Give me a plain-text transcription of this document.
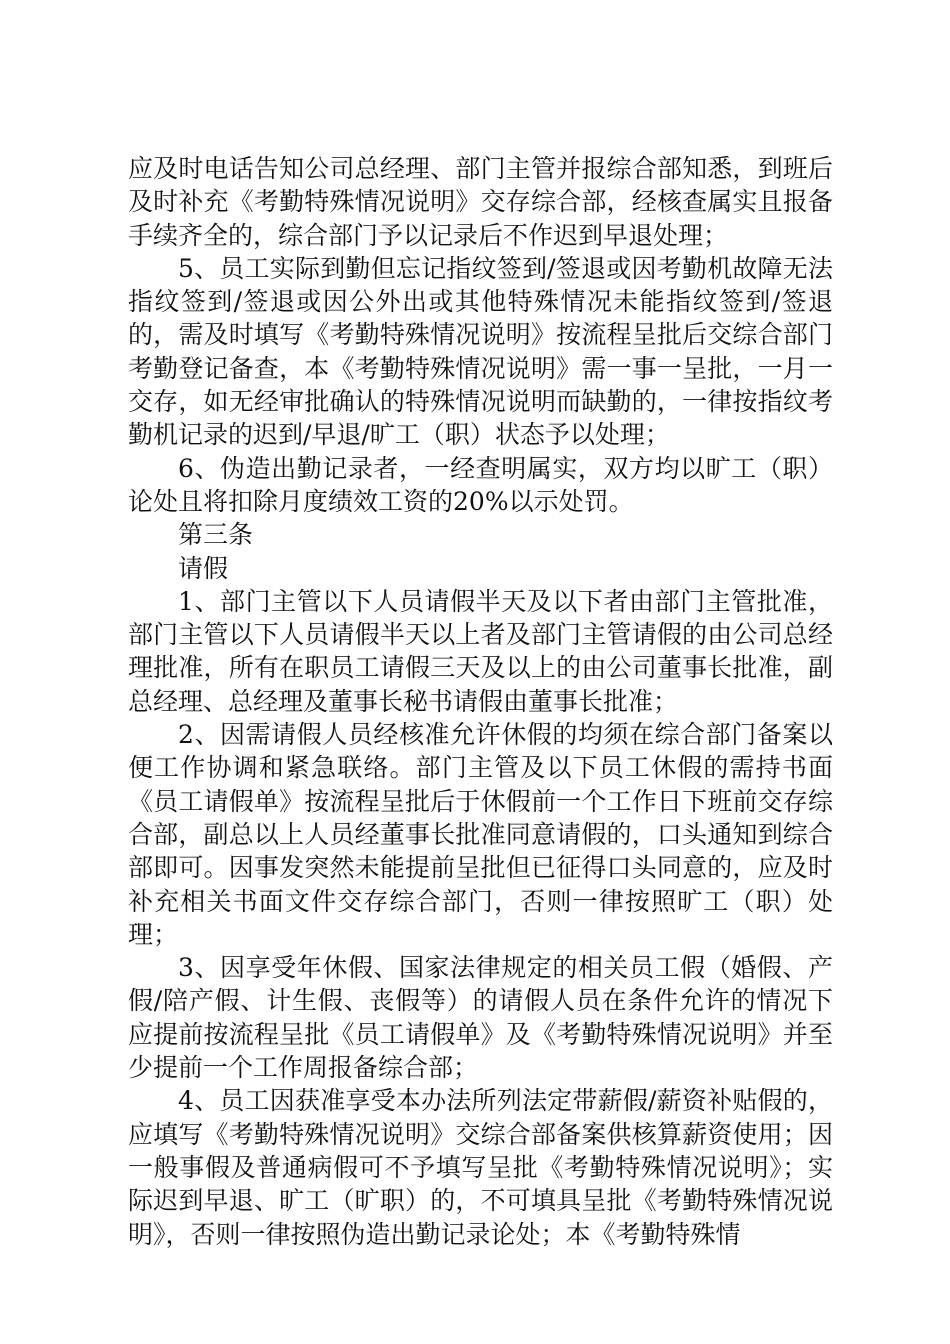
应及时电话告知公司总经理、部门主管并报综合部知悉，到班后及时补充《考勤特殊情况说明》交存综合部，经核查属实且报备手续齐全的，综合部门予以记录后不作迟到早退处理；

5、员工实际到勤但忘记指纹签到/签退或因考勤机故障无法指纹签到/签退或因公外出或其他特殊情况未能指纹签到/签退的，需及时填写《考勤特殊情况说明》按流程呈批后交综合部门考勤登记备查，本《考勤特殊情况说明》需一事一呈批，一月一交存，如无经审批确认的特殊情况说明而缺勤的，一律按指纹考勤机记录的迟到/早退/旷工（职）状态予以处理；

6、伪造出勤记录者，一经查明属实，双方均以旷工（职）论处且将扣除月度绩效工资的20%以示处罚。

第三条

请假

1、部门主管以下人员请假半天及以下者由部门主管批准，部门主管以下人员请假半天以上者及部门主管请假的由公司总经理批准，所有在职员工请假三天及以上的由公司董事长批准，副总经理、总经理及董事长秘书请假由董事长批准；

2、因需请假人员经核准允许休假的均须在综合部门备案以便工作协调和紧急联络。部门主管及以下员工休假的需持书面《员工请假单》按流程呈批后于休假前一个工作日下班前交存综合部，副总以上人员经董事长批准同意请假的，口头通知到综合部即可。因事发突然未能提前呈批但已征得口头同意的，应及时补充相关书面文件交存综合部门，否则一律按照旷工（职）处理；

3、因享受年休假、国家法律规定的相关员工假（婚假、产假/陪产假、计生假、丧假等）的请假人员在条件允许的情况下应提前按流程呈批《员工请假单》及《考勤特殊情况说明》并至少提前一个工作周报备综合部；

4、员工因获准享受本办法所列法定带薪假/薪资补贴假的，应填写《考勤特殊情况说明》交综合部备案供核算薪资使用；因一般事假及普通病假可不予填写呈批《考勤特殊情况说明》；实际迟到早退、旷工（旷职）的，不可填具呈批《考勤特殊情况说明》，否则一律按照伪造出勤记录论处；本《考勤特殊情
